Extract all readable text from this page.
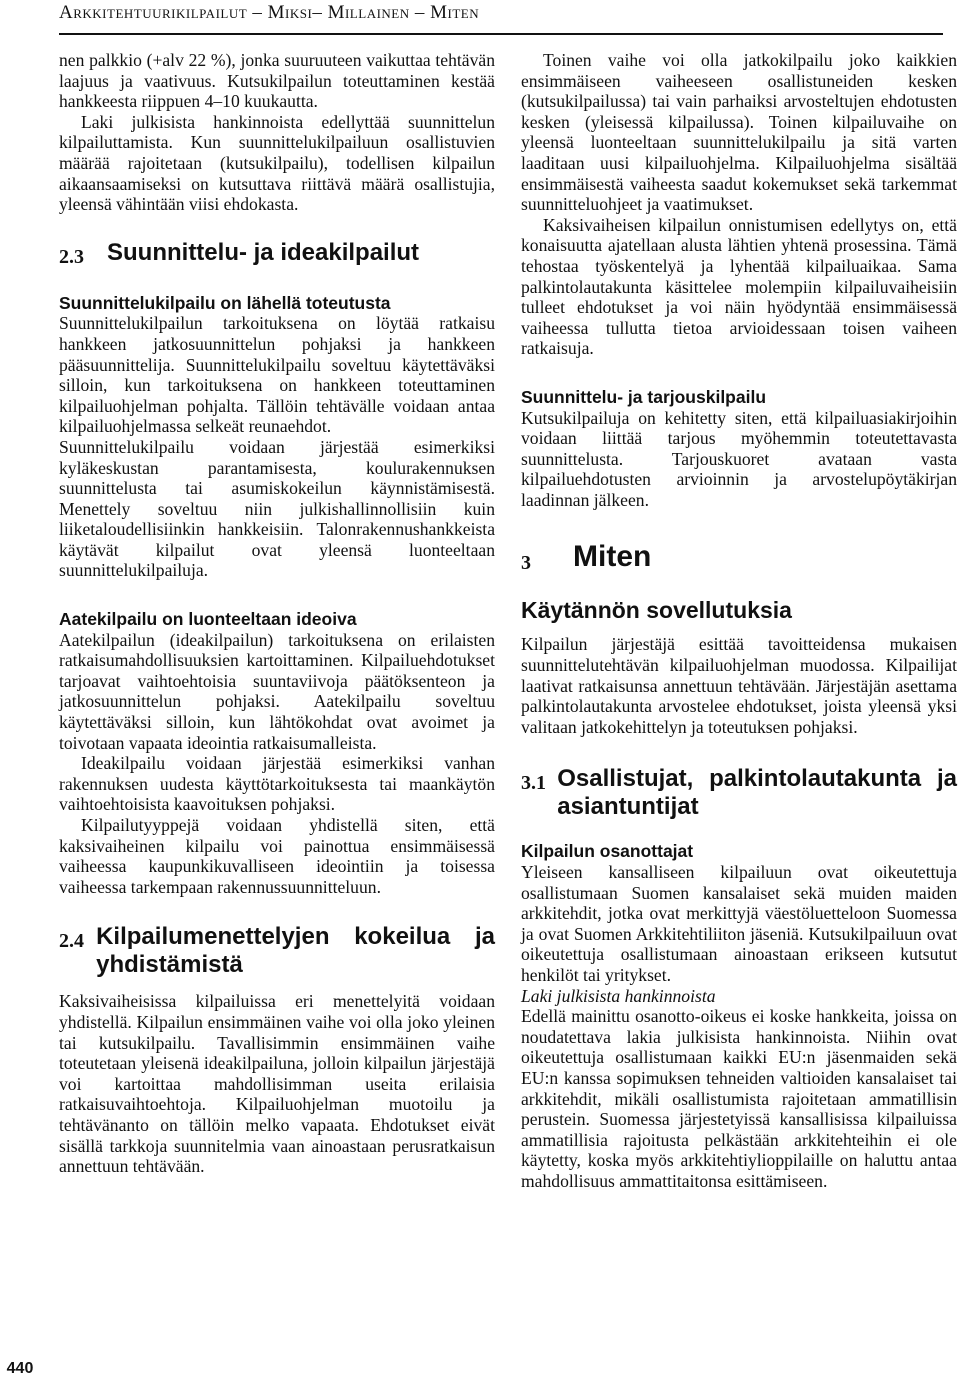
Arkkitehtuurikilpailut – Miksi– Millainen – Miten

nen palkkio (+alv 22 %), jonka suuruuteen vaikuttaa tehtävän laajuus ja vaativuus. Kutsukilpailun toteuttaminen kestää hankkeesta riippuen 4–10 kuukautta.

Laki julkisista hankinnoista edellyttää suunnittelun kilpailuttamista. Kun suunnittelukilpailuun osallistuvien määrää rajoitetaan (kutsukilpailu), todellisen kilpailun aikaansaamiseksi on kutsuttava riittävä määrä osallistujia, yleensä vähintään viisi ehdokasta.

2.3 Suunnittelu- ja ideakilpailut
Suunnittelukilpailu on lähellä toteutusta

Suunnittelukilpailun tarkoituksena on löytää ratkaisu hankkeen jatkosuunnittelun pohjaksi ja hankkeen pääsuunnittelija. Suunnittelukilpailu soveltuu käytettäväksi silloin, kun tarkoituksena on hankkeen toteuttaminen kilpailuohjelman pohjalta. Tällöin tehtävälle voidaan antaa kilpailuohjelmassa selkeät reunaehdot.

Suunnittelukilpailu voidaan järjestää esimerkiksi kyläkeskustan parantamisesta, koulurakennuksen suunnittelusta tai asumiskokeilun käynnistämisestä. Menettely soveltuu niin julkishallinnollisiin kuin liiketaloudellisiinkin hankkeisiin. Talonrakennushankkeista käytävät kilpailut ovat yleensä luonteeltaan suunnittelukilpailuja.

Aatekilpailu on luonteeltaan ideoiva

Aatekilpailun (ideakilpailun) tarkoituksena on erilaisten ratkaisumahdollisuuksien kartoittaminen. Kilpailuehdotukset tarjoavat vaihtoehtoisia suuntaviivoja päätöksenteon ja jatkosuunnittelun pohjaksi. Aatekilpailu soveltuu käytettäväksi silloin, kun lähtökohdat ovat avoimet ja toivotaan vapaata ideointia ratkaisumalleista.

Ideakilpailu voidaan järjestää esimerkiksi vanhan rakennuksen uudesta käyttötarkoituksesta tai maankäytön vaihtoehtoisista kaavoituksen pohjaksi.

Kilpailutyyppejä voidaan yhdistellä siten, että kaksivaiheinen kilpailu voi painottua ensimmäisessä vaiheessa kaupunkikuvalliseen ideointiin ja toisessa vaiheessa tarkempaan rakennussuunnitteluun.

2.4 Kilpailumenettelyjen kokeilua ja yhdistämistä

Kaksivaiheisissa kilpailuissa eri menettelyitä voidaan yhdistellä. Kilpailun ensimmäinen vaihe voi olla joko yleinen tai kutsukilpailu. Tavallisimmin ensimmäinen vaihe toteutetaan yleisenä ideakilpailuna, jolloin kilpailun järjestäjä voi kartoittaa mahdollisimman useita erilaisia ratkaisuvaihtoehtoja. Kilpailuohjelman muotoilu ja tehtävänanto on tällöin melko vapaata. Ehdotukset eivät sisällä tarkkoja suunnitelmia vaan ainoastaan perusratkaisun annettuun tehtävään.

Toinen vaihe voi olla jatkokilpailu joko kaikkien ensimmäiseen vaiheeseen osallistuneiden kesken (kutsukilpailussa) tai vain parhaiksi arvosteltujen ehdotusten kesken (yleisessä kilpailussa). Toinen kilpailuvaihe on yleensä luonteeltaan suunnittelukilpailu ja sitä varten laaditaan uusi kilpailuohjelma. Kilpailuohjelma sisältää ensimmäisestä vaiheesta saadut kokemukset sekä tarkemmat suunnitteluohjeet ja vaatimukset.

Kaksivaiheisen kilpailun onnistumisen edellytys on, että konaisuutta ajatellaan alusta lähtien yhtenä prosessina. Tämä tehostaa työskentelyä ja lyhentää kilpailuaikaa. Sama palkintolautakunta käsittelee molempiin kilpailuvaiheisiin tulleet ehdotukset ja voi näin hyödyntää ensimmäisessä vaiheessa tullutta tietoa arvioidessaan toisen vaiheen ratkaisuja.

Suunnittelu- ja tarjouskilpailu

Kutsukilpailuja on kehitetty siten, että kilpailuasiakirjoihin voidaan liittää tarjous myöhemmin toteutettavasta suunnittelusta. Tarjouskuoret avataan vasta kilpailuehdotusten arvioinnin ja arvostelupöytäkirjan laadinnan jälkeen.

3	Miten
Käytännön sovellutuksia

Kilpailun järjestäjä esittää tavoitteidensa mukaisen suunnittelutehtävän kilpailuohjelman muodossa. Kilpailijat laativat ratkaisunsa annettuun tehtävään. Järjestäjän asettama palkintolautakunta arvostelee ehdotukset, joista yleensä yksi valitaan jatkokehittelyn ja toteutuksen pohjaksi.

3.1 Osallistujat, palkintolautakunta ja asiantuntijat
Kilpailun osanottajat

Yleiseen kansalliseen kilpailuun ovat oikeutettuja osallistumaan Suomen kansalaiset sekä muiden maiden arkkitehdit, jotka ovat merkittyjä väestöluetteloon Suomessa ja ovat Suomen Arkkitehtiliiton jäseniä. Kutsukilpailuun ovat oikeutettuja osallistumaan ainoastaan erikseen kutsutut henkilöt tai yritykset.

Laki julkisista hankinnoista

Edellä mainittu osanotto-oikeus ei koske hankkeita, joissa on noudatettava lakia julkisista hankinnoista. Niihin ovat oikeutettuja osallistumaan kaikki EU:n jäsenmaiden sekä EU:n kanssa sopimuksen tehneiden valtioiden kansalaiset tai arkkitehdit, mikäli osallistumista rajoitetaan ammatillisin perustein. Suomessa järjestetyissä kansallisissa kilpailuissa ammatillisia rajoitusta pelkästään arkkitehteihin ei ole käytetty, koska myös arkkitehtiylioppilaille on haluttu antaa mahdollisuus ammattitaitonsa esittämiseen.

440
